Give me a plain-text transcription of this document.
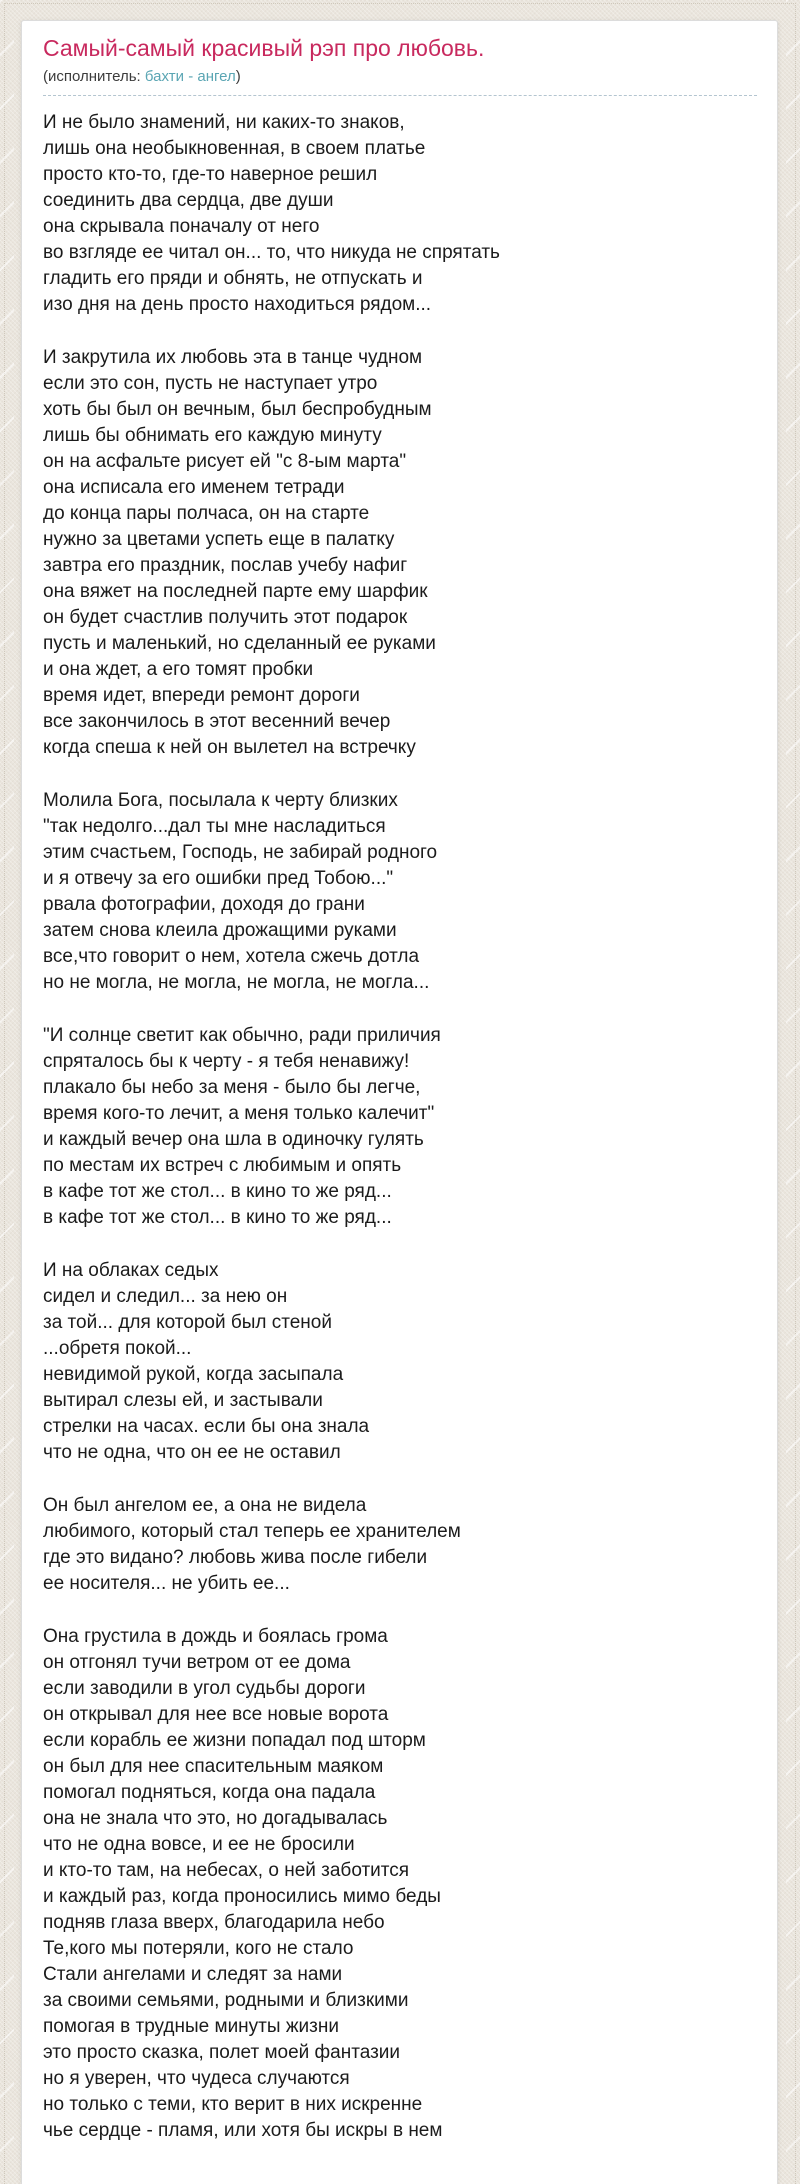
Самый-самый красивый рэп про любовь.
(исполнитель: бахти - ангел)
И не было знамений, ни каких-то знаков,
лишь она необыкновенная, в своем платье
просто кто-то, где-то наверное решил
соединить два сердца, две души
она скрывала поначалу от него
во взгляде ее читал он... то, что никуда не спрятать
гладить его пряди и обнять, не отпускать и
изо дня на день просто находиться рядом...
И закрутила их любовь эта в танце чудном
если это сон, пусть не наступает утро
хоть бы был он вечным, был беспробудным
лишь бы обнимать его каждую минуту
он на асфальте рисует ей "с 8-ым марта"
она исписала его именем тетради
до конца пары полчаса, он на старте
нужно за цветами успеть еще в палатку
завтра его праздник, послав учебу нафиг
она вяжет на последней парте ему шарфик
он будет счастлив получить этот подарок
пусть и маленький, но сделанный ее руками
и она ждет, а его томят пробки
время идет, впереди ремонт дороги
все закончилось в этот весенний вечер
когда спеша к ней он вылетел на встречку
Молила Бога, посылала к черту близких
"так недолго...дал ты мне насладиться
этим счастьем, Господь, не забирай родного
и я отвечу за его ошибки пред Тобою..."
рвала фотографии, доходя до грани
затем снова клеила дрожащими руками
все,что говорит о нем, хотела сжечь дотла
но не могла, не могла, не могла, не могла...
"И солнце светит как обычно, ради приличия
спряталось бы к черту - я тебя ненавижу!
плакало бы небо за меня - было бы легче,
время кого-то лечит, а меня только калечит"
и каждый вечер она шла в одиночку гулять
по местам их встреч с любимым и опять
в кафе тот же стол... в кино то же ряд...
в кафе тот же стол... в кино то же ряд...
И на облаках седых
сидел и следил... за нею он
за той... для которой был стеной
...обретя покой...
невидимой рукой, когда засыпала
вытирал слезы ей, и застывали
стрелки на часах. если бы она знала
что не одна, что он ее не оставил
Он был ангелом ее, а она не видела
любимого, который стал теперь ее хранителем
где это видано? любовь жива после гибели
ее носителя... не убить ее...
Она грустила в дождь и боялась грома
он отгонял тучи ветром от ее дома
если заводили в угол судьбы дороги
он открывал для нее все новые ворота
если корабль ее жизни попадал под шторм
он был для нее спасительным маяком
помогал подняться, когда она падала
она не знала что это, но догадывалась
что не одна вовсе, и ее не бросили
и кто-то там, на небесах, о ней заботится
и каждый раз, когда проносились мимо беды
подняв глаза вверх, благодарила небо
Те,кого мы потеряли, кого не стало
Стали ангелами и следят за нами
за своими семьями, родными и близкими
помогая в трудные минуты жизни
это просто сказка, полет моей фантазии
но я уверен, что чудеса случаются
но только с теми, кто верит в них искренне
чье сердце - пламя, или хотя бы искры в нем
